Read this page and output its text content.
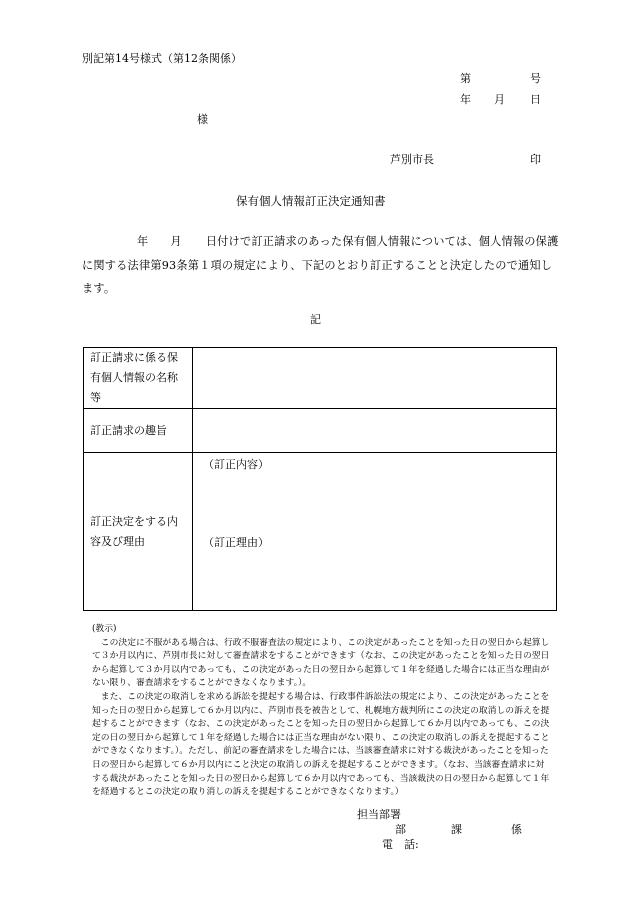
別記第14号様式（第12条関係）
第	号
年 月 日
様
芦別市長	印
保有個人情報訂正決定通知書
年 月 日付けで訂正請求のあった保有個人情報については、個人情報の保護に関する法律第93条第１項の規定により、下記のとおり訂正することと決定したので通知します。
記
訂正請求に係る保有個人情報の名称等	
訂正請求の趣旨	
訂正決定をする内容及び理由	（訂正内容）
（訂正理由）

(教示)

この決定に不服がある場合は、行政不服審査法の規定により、この決定があったことを知った日の翌日から起算して３か月以内に、芦別市長に対して審査請求をすることができます（なお、この決定があったことを知った日の翌日から起算して３か月以内であっても、この決定があった日の翌日から起算して１年を経過した場合には正当な理由がない限り、審査請求をすることができなくなります。）。

また、この決定の取消しを求める訴訟を提起する場合は、行政事件訴訟法の規定により、この決定があったことを知った日の翌日から起算して６か月以内に、芦別市長を被告として、札幌地方裁判所にこの決定の取消しの訴えを提起することができます（なお、この決定があったことを知った日の翌日から起算して６か月以内であっても、この決定の日の翌日から起算して１年を経過した場合には正当な理由がない限り、この決定の取消しの訴えを提起することができなくなります。）。ただし、前記の審査請求をした場合には、当該審査請求に対する裁決があったことを知った日の翌日から起算して６か月以内にこと決定の取消しの訴えを提起することができます。（なお、当該審査請求に対する裁決があったことを知った日の翌日から起算して６か月以内であっても、当該裁決の日の翌日から起算して１年を経過するとこの決定の取り消しの訴えを提起することができなくなります。）

担当部署
部	課	係
電　話:
